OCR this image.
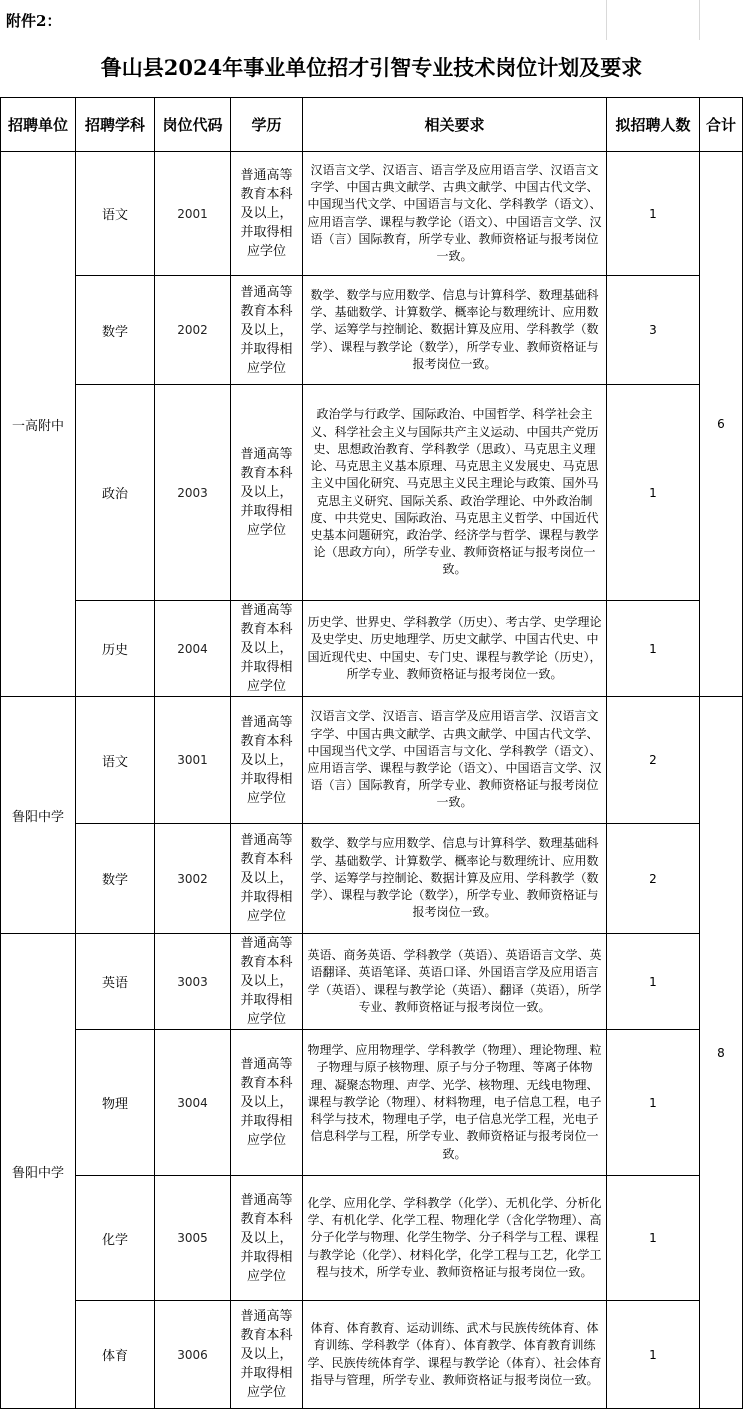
附件2：
鲁山县2024年事业单位招才引智专业技术岗位计划及要求
招聘单位	招聘学科	岗位代码	学历	相关要求	拟招聘人数	合计
一高附中	语文	2001	普通高等教育本科及以上，并取得相应学位	汉语言文学、汉语言、语言学及应用语言学、汉语言文字学、中国古典文献学、古典文献学、中国古代文学、中国现当代文学、中国语言与文化、学科教学（语文）、应用语言学、课程与教学论（语文）、中国语言文学、汉语（言）国际教育，所学专业、教师资格证与报考岗位一致。	1	6
	数学	2002	普通高等教育本科及以上，并取得相应学位	数学、数学与应用数学、信息与计算科学、数理基础科学、基础数学、计算数学、概率论与数理统计、应用数学、运筹学与控制论、数据计算及应用、学科教学（数学）、课程与教学论（数学），所学专业、教师资格证与报考岗位一致。	3	
	政治	2003	普通高等教育本科及以上，并取得相应学位	政治学与行政学、国际政治、中国哲学、科学社会主义、科学社会主义与国际共产主义运动、中国共产党历史、思想政治教育、学科教学（思政）、马克思主义理论、马克思主义基本原理、马克思主义发展史、马克思主义中国化研究、马克思主义民主理论与政策、国外马克思主义研究、国际关系、政治学理论、中外政治制度、中共党史、国际政治、马克思主义哲学、中国近代史基本问题研究，政治学、经济学与哲学、课程与教学论（思政方向），所学专业、教师资格证与报考岗位一致。	1	
	历史	2004	普通高等教育本科及以上，并取得相应学位	历史学、世界史、学科教学（历史）、考古学、史学理论及史学史、历史地理学、历史文献学、中国古代史、中国近现代史、中国史、专门史、课程与教学论（历史），所学专业、教师资格证与报考岗位一致。	1	
鲁阳中学	语文	3001	普通高等教育本科及以上，并取得相应学位	汉语言文学、汉语言、语言学及应用语言学、汉语言文字学、中国古典文献学、古典文献学、中国古代文学、中国现当代文学、中国语言与文化、学科教学（语文）、应用语言学、课程与教学论（语文）、中国语言文学、汉语（言）国际教育，所学专业、教师资格证与报考岗位一致。	2	8
	数学	3002	普通高等教育本科及以上，并取得相应学位	数学、数学与应用数学、信息与计算科学、数理基础科学、基础数学、计算数学、概率论与数理统计、应用数学、运筹学与控制论、数据计算及应用、学科教学（数学）、课程与教学论（数学），所学专业、教师资格证与报考岗位一致。	2	
鲁阳中学	英语	3003	普通高等教育本科及以上，并取得相应学位	英语、商务英语、学科教学（英语）、英语语言文学、英语翻译、英语笔译、英语口译、外国语言学及应用语言学（英语）、课程与教学论（英语）、翻译（英语），所学专业、教师资格证与报考岗位一致。	1	
	物理	3004	普通高等教育本科及以上，并取得相应学位	物理学、应用物理学、学科教学（物理）、理论物理、粒子物理与原子核物理、原子与分子物理、等离子体物理、凝聚态物理、声学、光学、核物理、无线电物理、课程与教学论（物理）、材料物理，电子信息工程，电子科学与技术，物理电子学，电子信息光学工程，光电子信息科学与工程，所学专业、教师资格证与报考岗位一致。	1	
	化学	3005	普通高等教育本科及以上，并取得相应学位	化学、应用化学、学科教学（化学）、无机化学、分析化学、有机化学、化学工程、物理化学（含化学物理）、高分子化学与物理、化学生物学、分子科学与工程、课程与教学论（化学）、材料化学，化学工程与工艺，化学工程与技术，所学专业、教师资格证与报考岗位一致。	1	
	体育	3006	普通高等教育本科及以上，并取得相应学位	体育、体育教育、运动训练、武术与民族传统体育、体育训练、学科教学（体育）、体育教学、体育教育训练学、民族传统体育学、课程与教学论（体育）、社会体育指导与管理，所学专业、教师资格证与报考岗位一致。	1	
